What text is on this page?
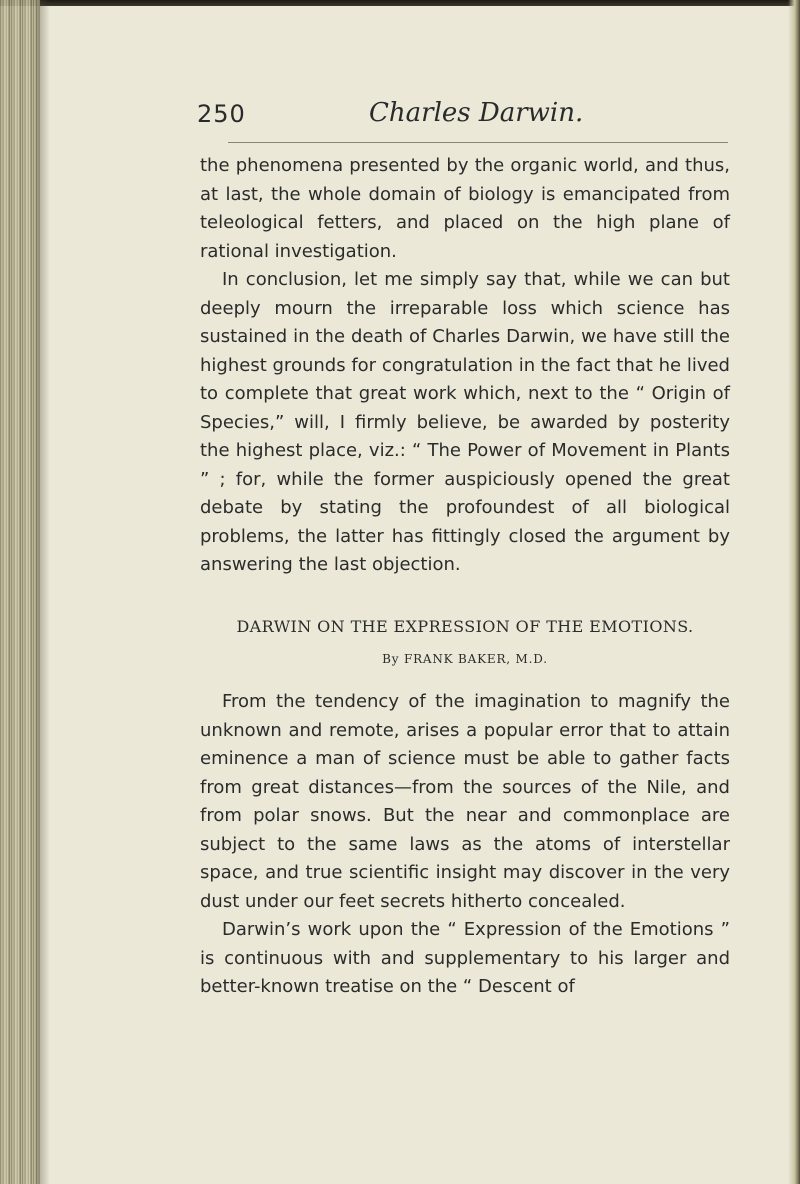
250	Charles Darwin.

the phenomena presented by the organic world, and thus, at last, the whole domain of biology is emancipated from teleological fetters, and placed on the high plane of rational investigation.

In conclusion, let me simply say that, while we can but deeply mourn the irreparable loss which science has sustained in the death of Charles Darwin, we have still the highest grounds for congratulation in the fact that he lived to complete that great work which, next to the “ Origin of Species,” will, I firmly believe, be awarded by posterity the highest place, viz.: “ The Power of Movement in Plants ” ; for, while the former auspiciously opened the great debate by stating the profoundest of all biological problems, the latter has fittingly closed the argument by answering the last objection.

DARWIN ON THE EXPRESSION OF THE EMOTIONS.
By FRANK BAKER, M.D.

From the tendency of the imagination to magnify the unknown and remote, arises a popular error that to attain eminence a man of science must be able to gather facts from great distances—from the sources of the Nile, and from polar snows. But the near and commonplace are subject to the same laws as the atoms of interstellar space, and true scientific insight may discover in the very dust under our feet secrets hitherto concealed.

Darwin’s work upon the “ Expression of the Emotions ” is continuous with and supplementary to his larger and better-known treatise on the “ Descent of
